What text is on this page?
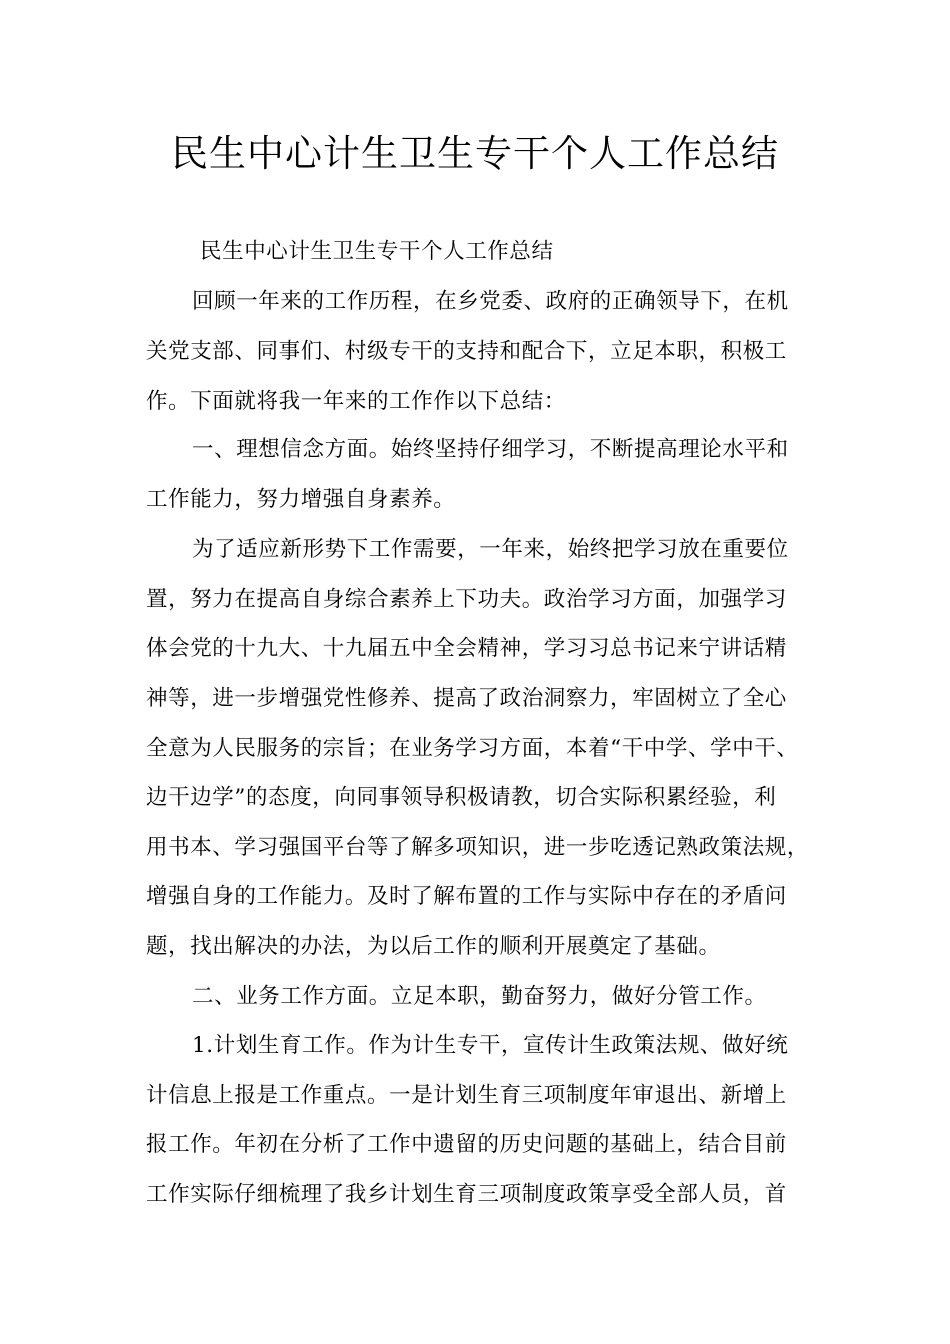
民生中心计生卫生专干个人工作总结
民生中心计生卫生专干个人工作总结
回顾一年来的工作历程，在乡党委、政府的正确领导下，在机
关党支部、同事们、村级专干的支持和配合下，立足本职，积极工
作。下面就将我一年来的工作作以下总结：
一、理想信念方面。始终坚持仔细学习，不断提高理论水平和
工作能力，努力增强自身素养。
为了适应新形势下工作需要，一年来，始终把学习放在重要位
置，努力在提高自身综合素养上下功夫。政治学习方面，加强学习
体会党的十九大、十九届五中全会精神，学习习总书记来宁讲话精
神等，进一步增强党性修养、提高了政治洞察力，牢固树立了全心
全意为人民服务的宗旨；在业务学习方面，本着“干中学、学中干、
边干边学”的态度，向同事领导积极请教，切合实际积累经验，利
用书本、学习强国平台等了解多项知识，进一步吃透记熟政策法规，
增强自身的工作能力。及时了解布置的工作与实际中存在的矛盾问
题，找出解决的办法，为以后工作的顺利开展奠定了基础。
二、业务工作方面。立足本职，勤奋努力，做好分管工作。
1.计划生育工作。作为计生专干，宣传计生政策法规、做好统
计信息上报是工作重点。一是计划生育三项制度年审退出、新增上
报工作。年初在分析了工作中遗留的历史问题的基础上，结合目前
工作实际仔细梳理了我乡计划生育三项制度政策享受全部人员，首
